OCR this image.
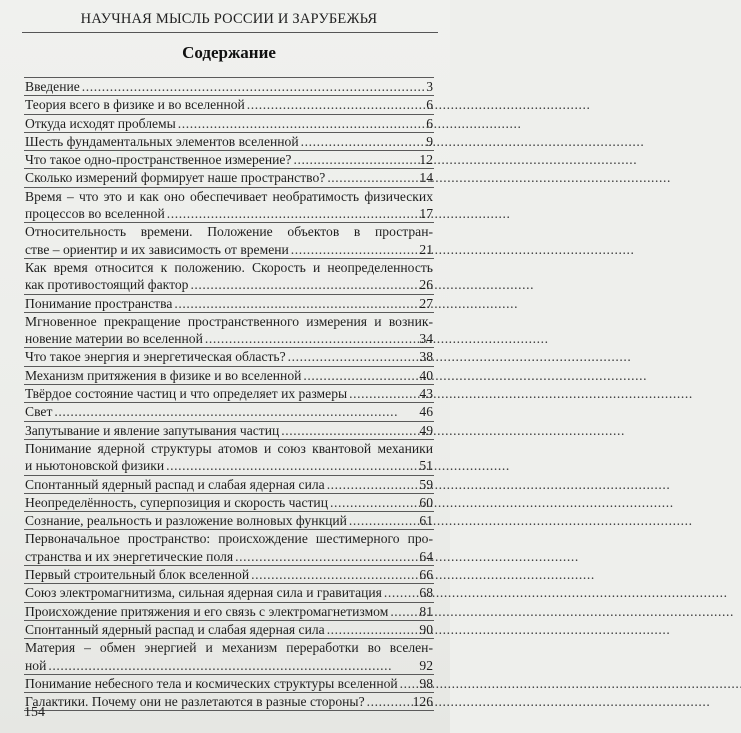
НАУЧНАЯ МЫСЛЬ РОССИИ И ЗАРУБЕЖЬЯ
Содержание
Введение . . .	3
Теория всего в физике и во вселенной . . .	6
Откуда исходят проблемы . . .	6
Шесть фундаментальных элементов вселенной . . .	9
Что такое одно-пространственное измерение? . . .	12
Сколько измерений формирует наше пространство? . . .	14
Время – что это и как оно обеспечивает необратимость физических
процессов во вселенной . . .	17
Относительность времени. Положение объектов в простран-
стве – ориентир и их зависимость от времени . . .	21
Как время относится к положению. Скорость и неопределенность
как противостоящий фактор . . .	26
Понимание пространства . . .	27
Мгновенное прекращение пространственного измерения и возник-
новение материи во вселенной . . .	34
Что такое энергия и энергетическая область? . . .	38
Механизм притяжения в физике и во вселенной . . .	40
Твёрдое состояние частиц и что определяет их размеры . . .	43
Свет . . .	46
Запутывание и явление запутывания частиц . . .	49
Понимание ядерной структуры атомов и союз квантовой механики
и ньютоновской физики . . .	51
Спонтанный ядерный распад и слабая ядерная сила . . .	59
Неопределённость, суперпозиция и скорость частиц . . .	60
Сознание, реальность и разложение волновых функций . . .	61
Первоначальное пространство: происхождение шестимерного про-
странства и их энергетические поля . . .	64
Первый строительный блок вселенной . . .	66
Союз электромагнитизма, сильная ядерная сила и гравитация . . .	68
Происхождение притяжения и его связь с электромагнетизмом . . . 81
Спонтанный ядерный распад и слабая ядерная сила . . .	90
Материя – обмен энергией и механизм переработки во вселен-
ной . . .	92
Понимание небесного тела и космических структуры вселенной . . . 98
Галактики. Почему они не разлетаются в разные стороны? . . .	126
154
